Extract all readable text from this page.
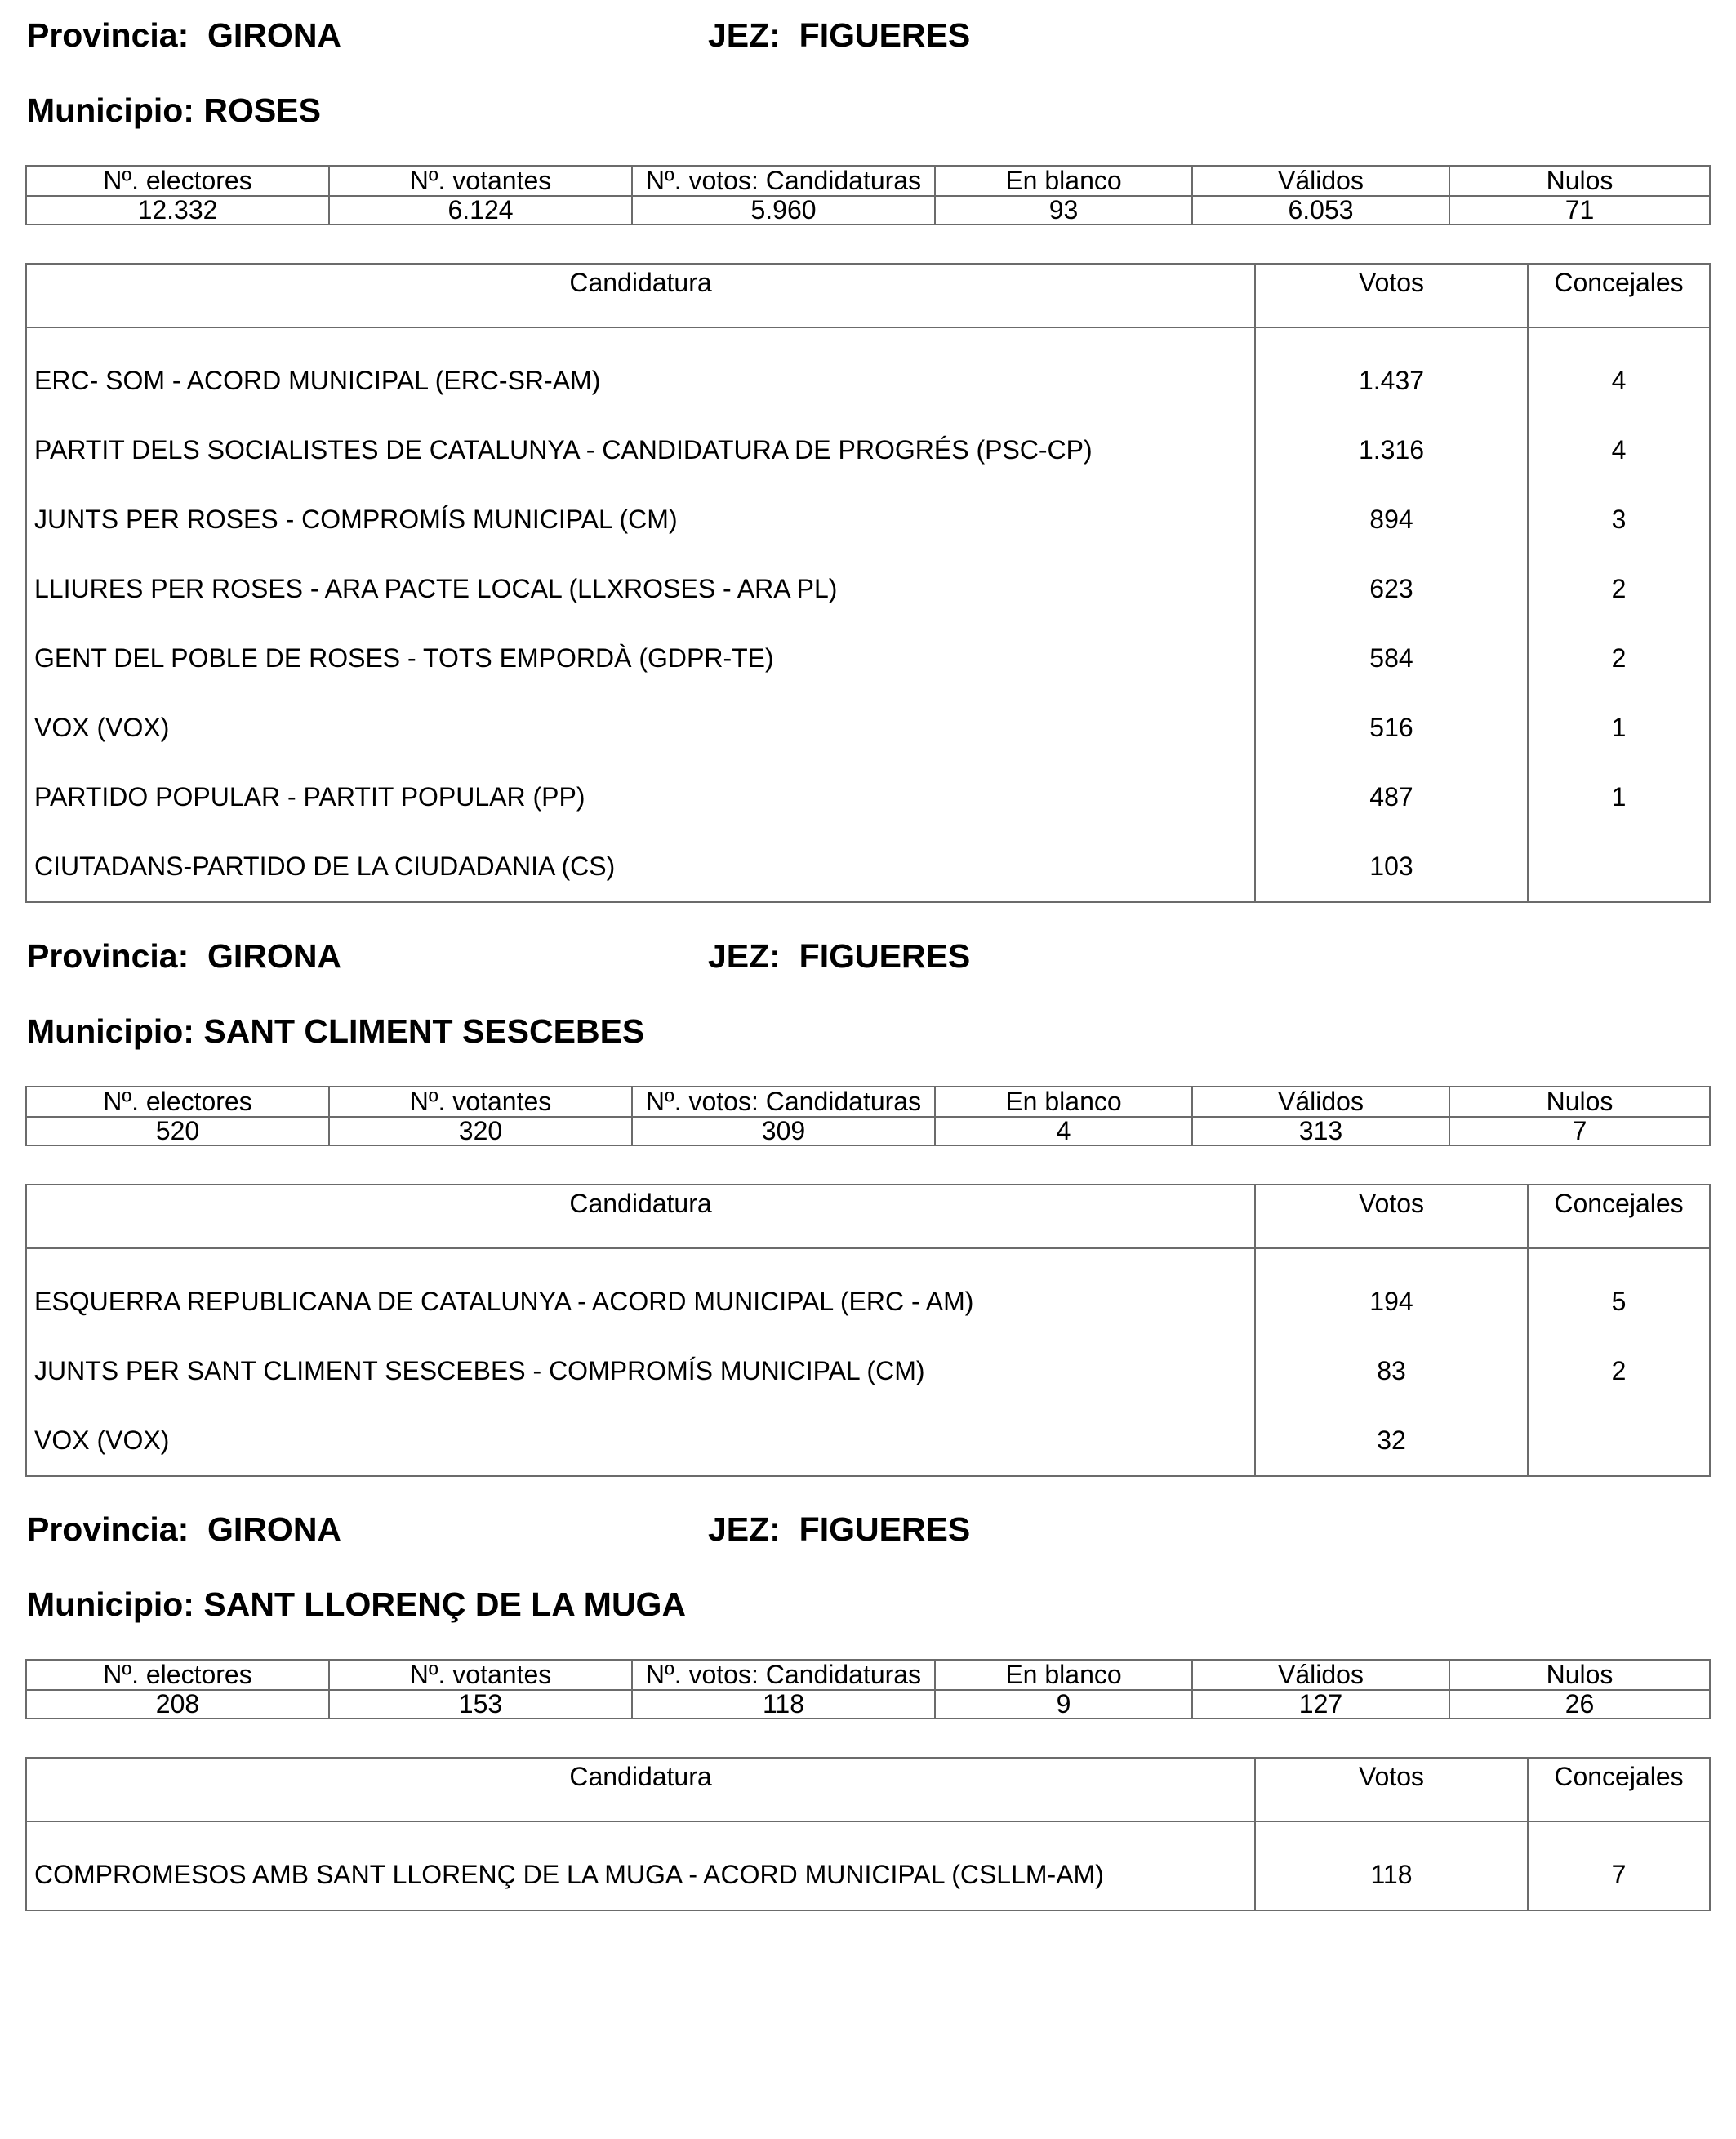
Provincia: GIRONA	JEZ: FIGUERES
Municipio: ROSES
Nº. electores	Nº. votantes	Nº. votos: Candidaturas	En blanco	Válidos	Nulos
12.332	6.124	5.960	93	6.053	71
Candidatura	Votos	Concejales

ERC- SOM - ACORD MUNICIPAL (ERC-SR-AM)	1.437	4
PARTIT DELS SOCIALISTES DE CATALUNYA - CANDIDATURA DE PROGRÉS (PSC-CP)	1.316	4
JUNTS PER ROSES - COMPROMÍS MUNICIPAL (CM)	894	3
LLIURES PER ROSES - ARA PACTE LOCAL (LLXROSES - ARA PL)	623	2
GENT DEL POBLE DE ROSES - TOTS EMPORDÀ (GDPR-TE)	584	2
VOX (VOX)	516	1
PARTIDO POPULAR - PARTIT POPULAR (PP)	487	1
CIUTADANS-PARTIDO DE LA CIUDADANIA (CS)	103	
Provincia: GIRONA	JEZ: FIGUERES
Municipio: SANT CLIMENT SESCEBES
Nº. electores	Nº. votantes	Nº. votos: Candidaturas	En blanco	Válidos	Nulos
520	320	309	4	313	7
Candidatura	Votos	Concejales

ESQUERRA REPUBLICANA DE CATALUNYA - ACORD MUNICIPAL (ERC - AM)	194	5
JUNTS PER SANT CLIMENT SESCEBES - COMPROMÍS MUNICIPAL (CM)	83	2
VOX (VOX)	32	
Provincia: GIRONA	JEZ: FIGUERES
Municipio: SANT LLORENÇ DE LA MUGA
Nº. electores	Nº. votantes	Nº. votos: Candidaturas	En blanco	Válidos	Nulos
208	153	118	9	127	26
Candidatura	Votos	Concejales

COMPROMESOS AMB SANT LLORENÇ DE LA MUGA - ACORD MUNICIPAL (CSLLM-AM)	118	7
